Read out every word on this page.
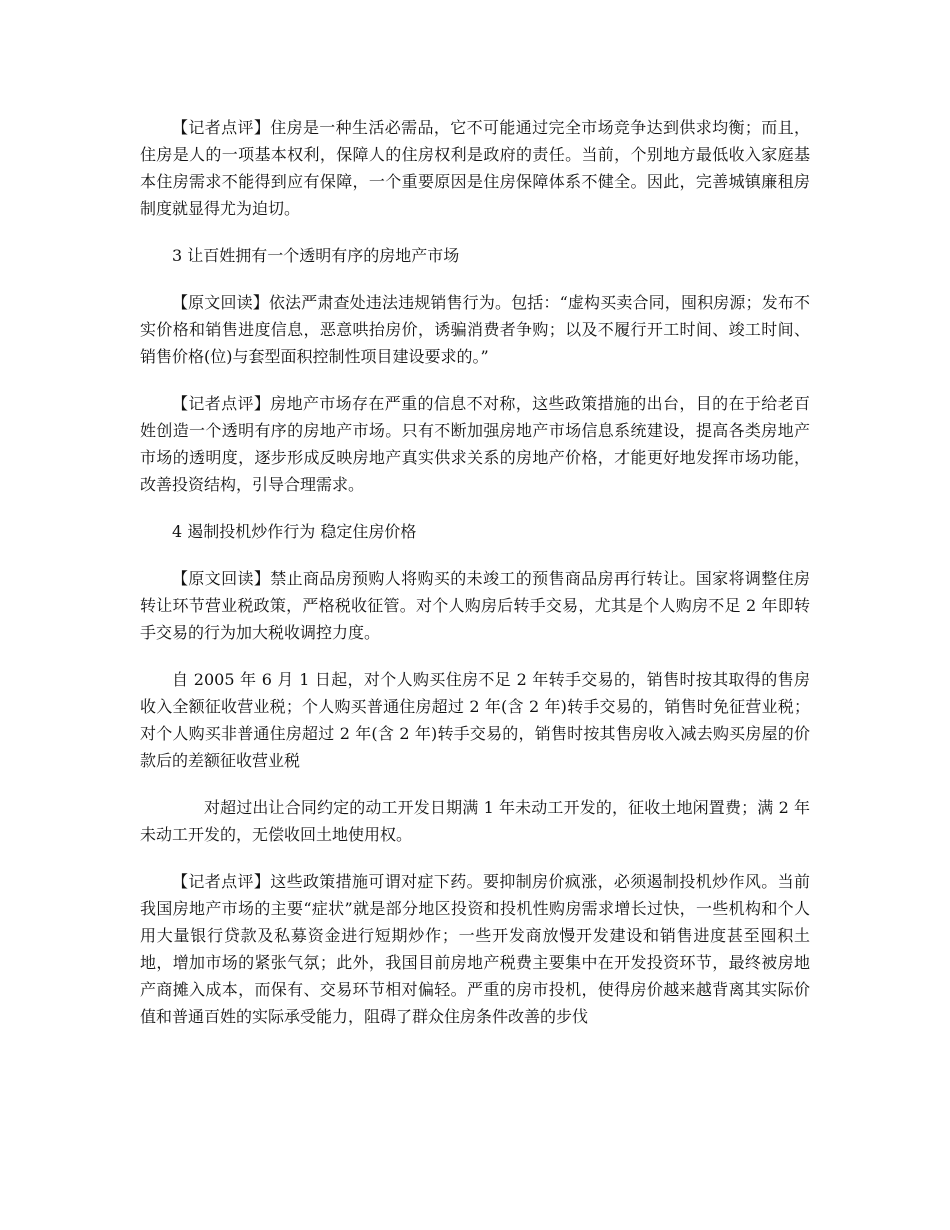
【记者点评】住房是一种生活必需品，它不可能通过完全市场竞争达到供求均衡；而且，住房是人的一项基本权利，保障人的住房权利是政府的责任。当前，个别地方最低收入家庭基本住房需求不能得到应有保障，一个重要原因是住房保障体系不健全。因此，完善城镇廉租房制度就显得尤为迫切。

3 让百姓拥有一个透明有序的房地产市场

【原文回读】依法严肃查处违法违规销售行为。包括：“虚构买卖合同，囤积房源；发布不实价格和销售进度信息，恶意哄抬房价，诱骗消费者争购；以及不履行开工时间、竣工时间、销售价格(位)与套型面积控制性项目建设要求的。”

【记者点评】房地产市场存在严重的信息不对称，这些政策措施的出台，目的在于给老百姓创造一个透明有序的房地产市场。只有不断加强房地产市场信息系统建设，提高各类房地产市场的透明度，逐步形成反映房地产真实供求关系的房地产价格，才能更好地发挥市场功能，改善投资结构，引导合理需求。

4 遏制投机炒作行为 稳定住房价格

【原文回读】禁止商品房预购人将购买的未竣工的预售商品房再行转让。国家将调整住房转让环节营业税政策，严格税收征管。对个人购房后转手交易，尤其是个人购房不足 2 年即转手交易的行为加大税收调控力度。

自 2005 年 6 月 1 日起，对个人购买住房不足 2 年转手交易的，销售时按其取得的售房收入全额征收营业税；个人购买普通住房超过 2 年(含 2 年)转手交易的，销售时免征营业税；对个人购买非普通住房超过 2 年(含 2 年)转手交易的，销售时按其售房收入减去购买房屋的价款后的差额征收营业税

对超过出让合同约定的动工开发日期满 1 年未动工开发的，征收土地闲置费；满 2 年未动工开发的，无偿收回土地使用权。

【记者点评】这些政策措施可谓对症下药。要抑制房价疯涨，必须遏制投机炒作风。当前我国房地产市场的主要“症状”就是部分地区投资和投机性购房需求增长过快，一些机构和个人用大量银行贷款及私募资金进行短期炒作；一些开发商放慢开发建设和销售进度甚至囤积土地，增加市场的紧张气氛；此外，我国目前房地产税费主要集中在开发投资环节，最终被房地产商摊入成本，而保有、交易环节相对偏轻。严重的房市投机，使得房价越来越背离其实际价值和普通百姓的实际承受能力，阻碍了群众住房条件改善的步伐
